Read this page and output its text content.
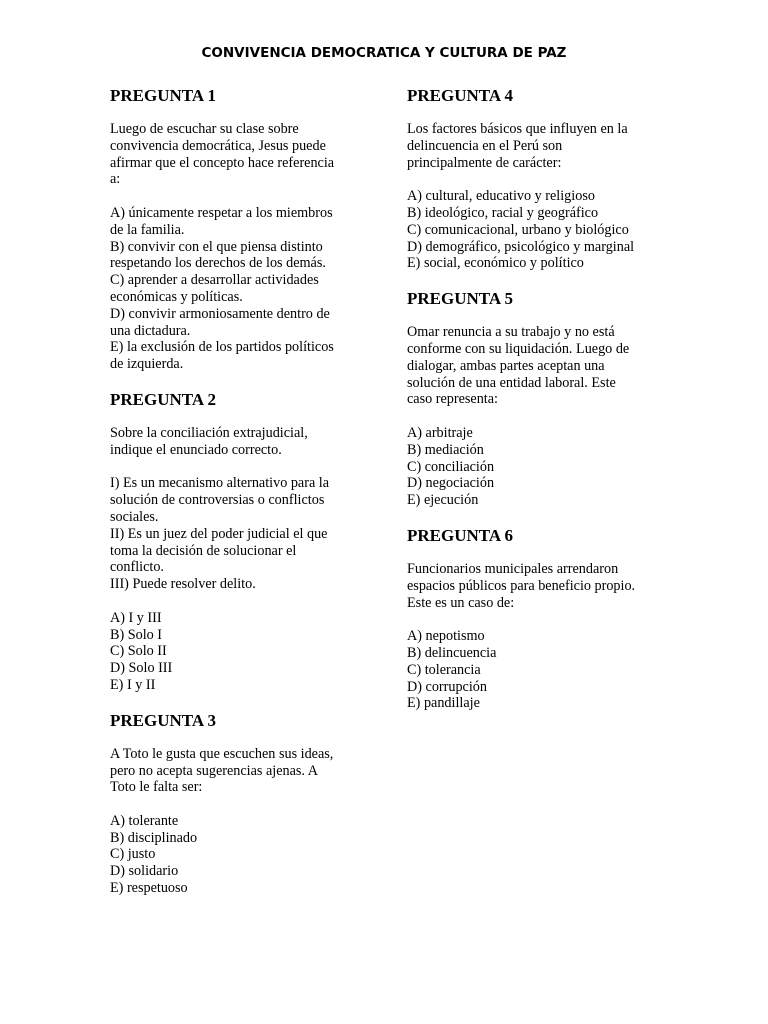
CONVIVENCIA DEMOCRATICA Y CULTURA DE PAZ
PREGUNTA 1
Luego de escuchar su clase sobre
convivencia democrática, Jesus puede
afirmar que el concepto hace referencia
a:
A) únicamente respetar a los miembros
de la familia.
B) convivir con el que piensa distinto
respetando los derechos de los demás.
C) aprender a desarrollar actividades
económicas y políticas.
D) convivir armoniosamente dentro de
una dictadura.
E) la exclusión de los partidos políticos
de izquierda.
PREGUNTA 2
Sobre la conciliación extrajudicial,
indique el enunciado correcto.
I) Es un mecanismo alternativo para la
solución de controversias o conflictos
sociales.
II) Es un juez del poder judicial el que
toma la decisión de solucionar el
conflicto.
III) Puede resolver delito.
A) I y III
B) Solo I
C) Solo II
D) Solo III
E) I y II
PREGUNTA 3
A Toto le gusta que escuchen sus ideas,
pero no acepta sugerencias ajenas. A
Toto le falta ser:
A) tolerante
B) disciplinado
C) justo
D) solidario
E) respetuoso
PREGUNTA 4
Los factores básicos que influyen en la
delincuencia en el Perú son
principalmente de carácter:
A) cultural, educativo y religioso
B) ideológico, racial y geográfico
C) comunicacional, urbano y biológico
D) demográfico, psicológico y marginal
E) social, económico y político
PREGUNTA 5
Omar renuncia a su trabajo y no está
conforme con su liquidación. Luego de
dialogar, ambas partes aceptan una
solución de una entidad laboral. Este
caso representa:
A) arbitraje
B) mediación
C) conciliación
D) negociación
E) ejecución
PREGUNTA 6
Funcionarios municipales arrendaron
espacios públicos para beneficio propio.
Este es un caso de:
A) nepotismo
B) delincuencia
C) tolerancia
D) corrupción
E) pandillaje
